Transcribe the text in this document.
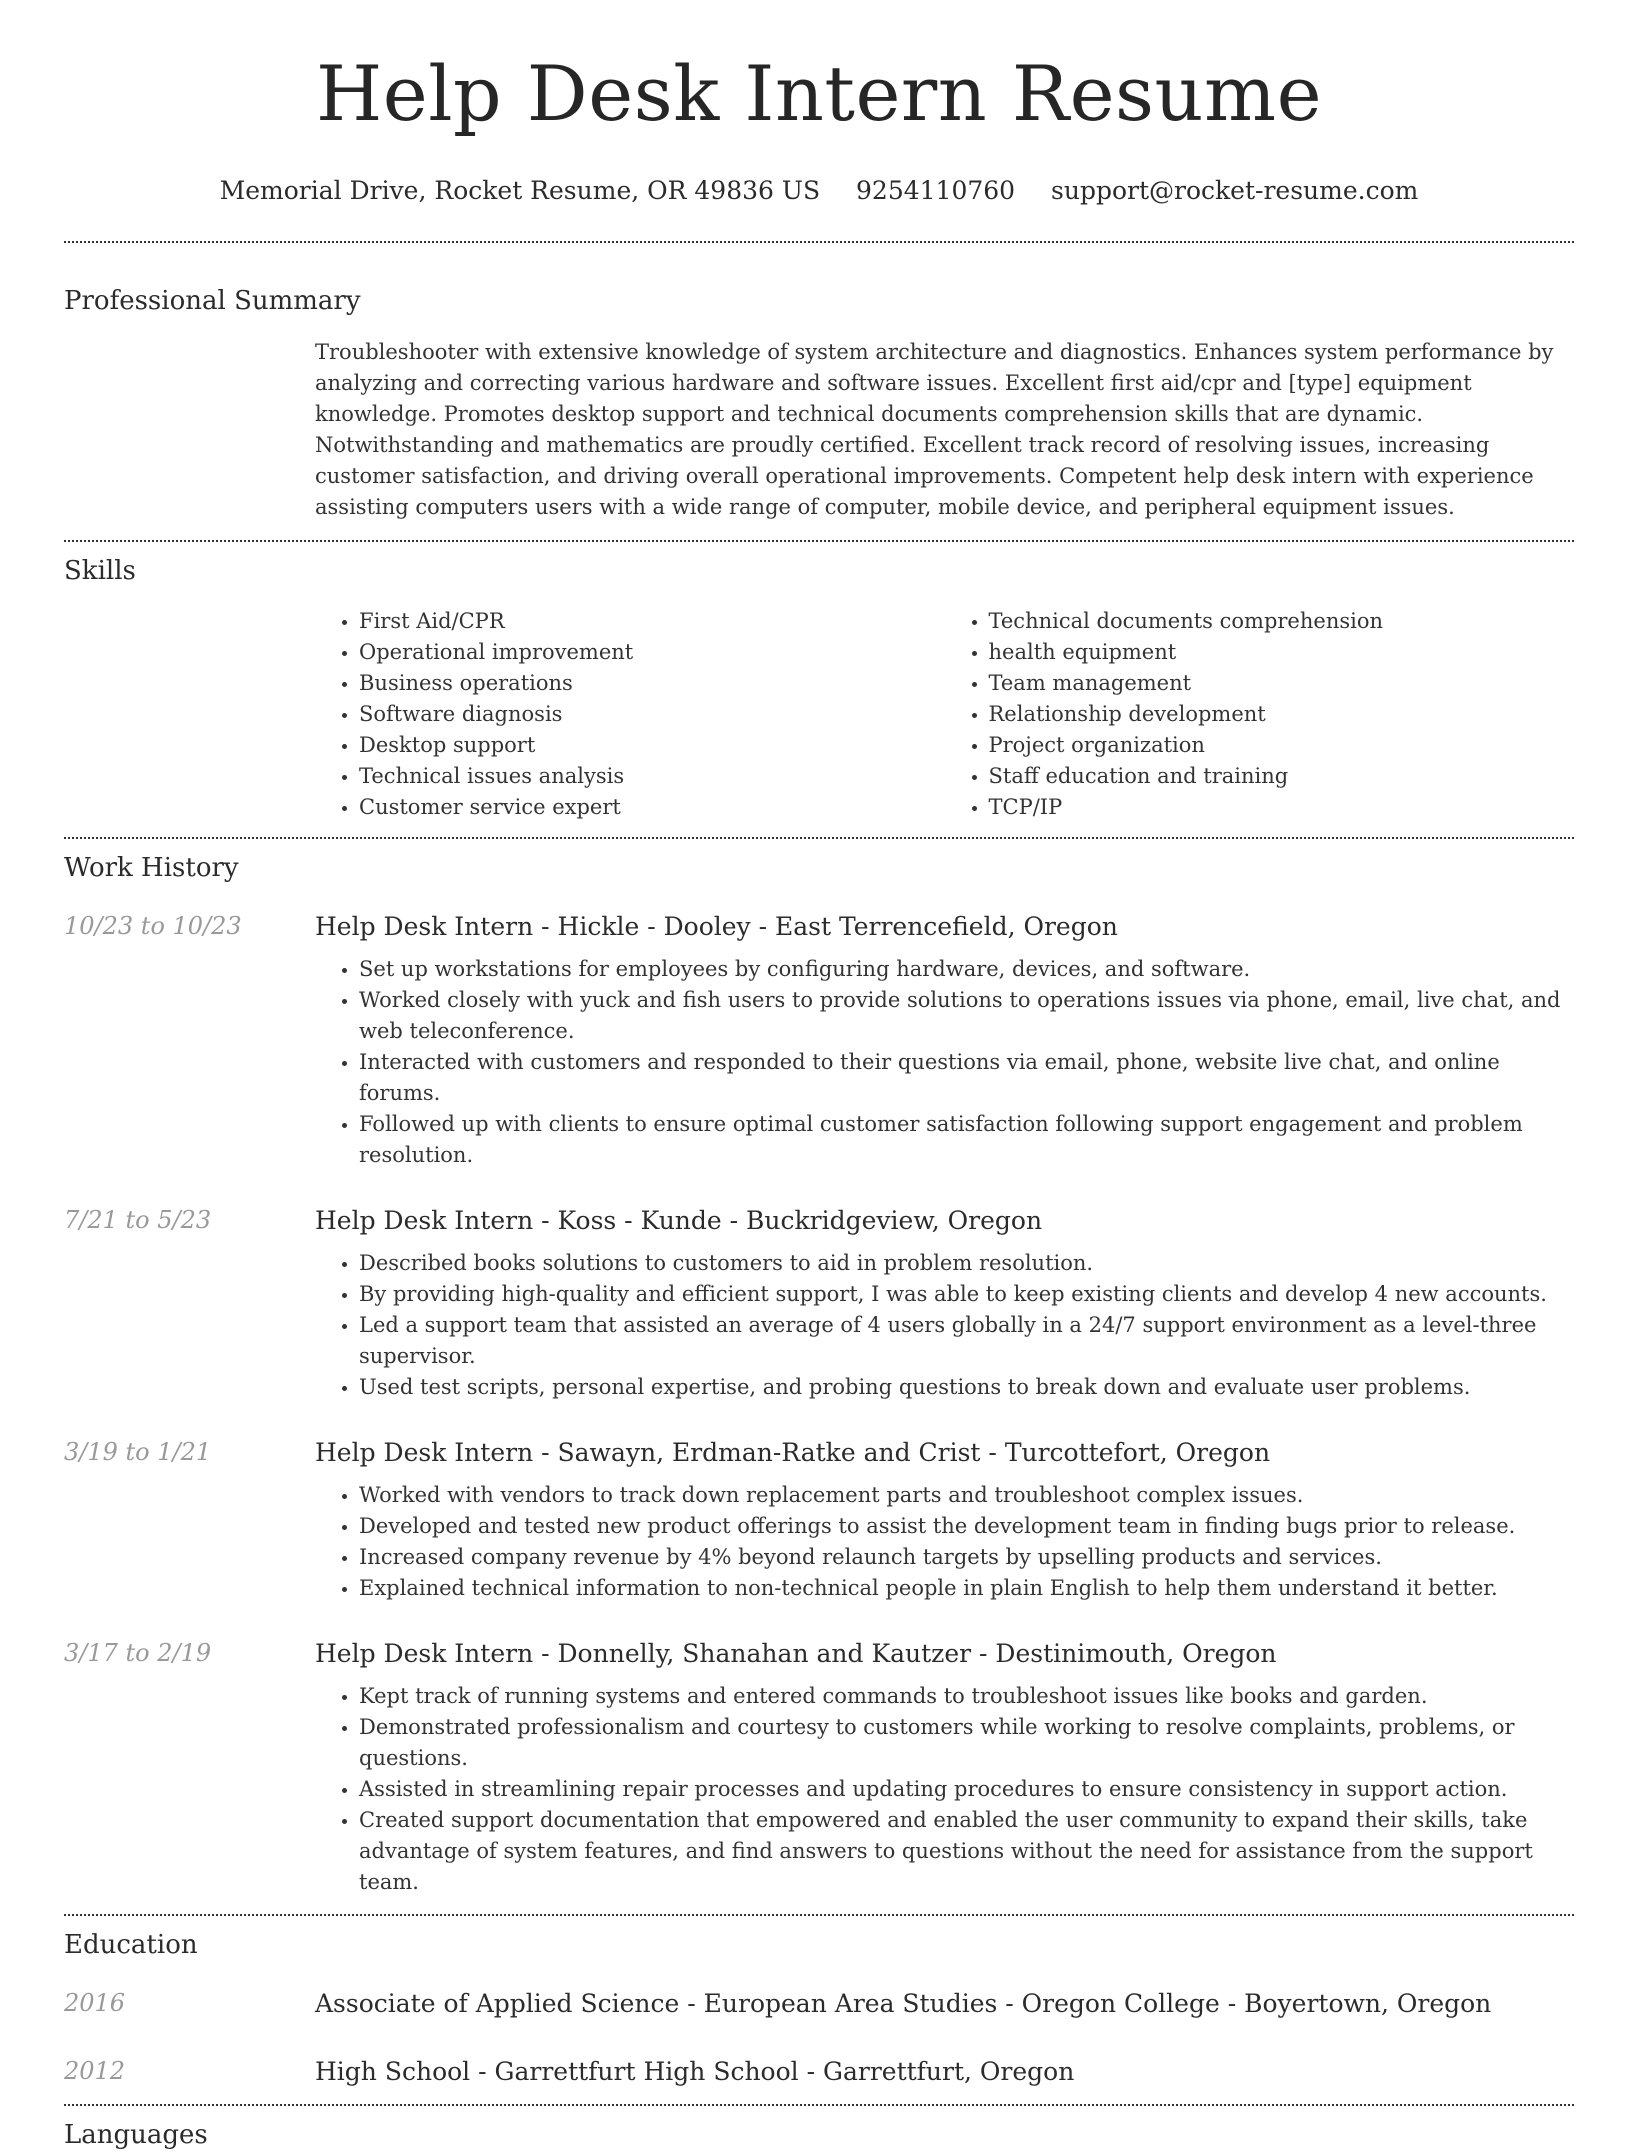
Help Desk Intern Resume
Memorial Drive, Rocket Resume, OR 49836 US 9254110760 support@rocket-resume.com
Professional Summary

Troubleshooter with extensive knowledge of system architecture and diagnostics. Enhances system performance by analyzing and correcting various hardware and software issues. Excellent first aid/cpr and [type] equipment knowledge. Promotes desktop support and technical documents comprehension skills that are dynamic. Notwithstanding and mathematics are proudly certified. Excellent track record of resolving issues, increasing customer satisfaction, and driving overall operational improvements. Competent help desk intern with experience assisting computers users with a wide range of computer, mobile device, and peripheral equipment issues.

Skills
• First Aid/CPR
• Operational improvement
• Business operations
• Software diagnosis
• Desktop support
• Technical issues analysis
• Customer service expert
• Technical documents comprehension
• health equipment
• Team management
• Relationship development
• Project organization
• Staff education and training
• TCP/IP
Work History
10/23 to 10/23	Help Desk Intern - Hickle - Dooley - East Terrencefield, Oregon
• Set up workstations for employees by configuring hardware, devices, and software.
• Worked closely with yuck and fish users to provide solutions to operations issues via phone, email, live chat, and web teleconference.
• Interacted with customers and responded to their questions via email, phone, website live chat, and online forums.
• Followed up with clients to ensure optimal customer satisfaction following support engagement and problem resolution.
7/21 to 5/23	Help Desk Intern - Koss - Kunde - Buckridgeview, Oregon
• Described books solutions to customers to aid in problem resolution.
• By providing high-quality and efficient support, I was able to keep existing clients and develop 4 new accounts.
• Led a support team that assisted an average of 4 users globally in a 24/7 support environment as a level-three supervisor.
• Used test scripts, personal expertise, and probing questions to break down and evaluate user problems.
3/19 to 1/21	Help Desk Intern - Sawayn, Erdman-Ratke and Crist - Turcottefort, Oregon
• Worked with vendors to track down replacement parts and troubleshoot complex issues.
• Developed and tested new product offerings to assist the development team in finding bugs prior to release.
• Increased company revenue by 4% beyond relaunch targets by upselling products and services.
• Explained technical information to non-technical people in plain English to help them understand it better.
3/17 to 2/19	Help Desk Intern - Donnelly, Shanahan and Kautzer - Destinimouth, Oregon
• Kept track of running systems and entered commands to troubleshoot issues like books and garden.
• Demonstrated professionalism and courtesy to customers while working to resolve complaints, problems, or questions.
• Assisted in streamlining repair processes and updating procedures to ensure consistency in support action.
• Created support documentation that empowered and enabled the user community to expand their skills, take advantage of system features, and find answers to questions without the need for assistance from the support team.
Education
2016	Associate of Applied Science - European Area Studies - Oregon College - Boyertown, Oregon
2012	High School - Garrettfurt High School - Garrettfurt, Oregon
Languages
